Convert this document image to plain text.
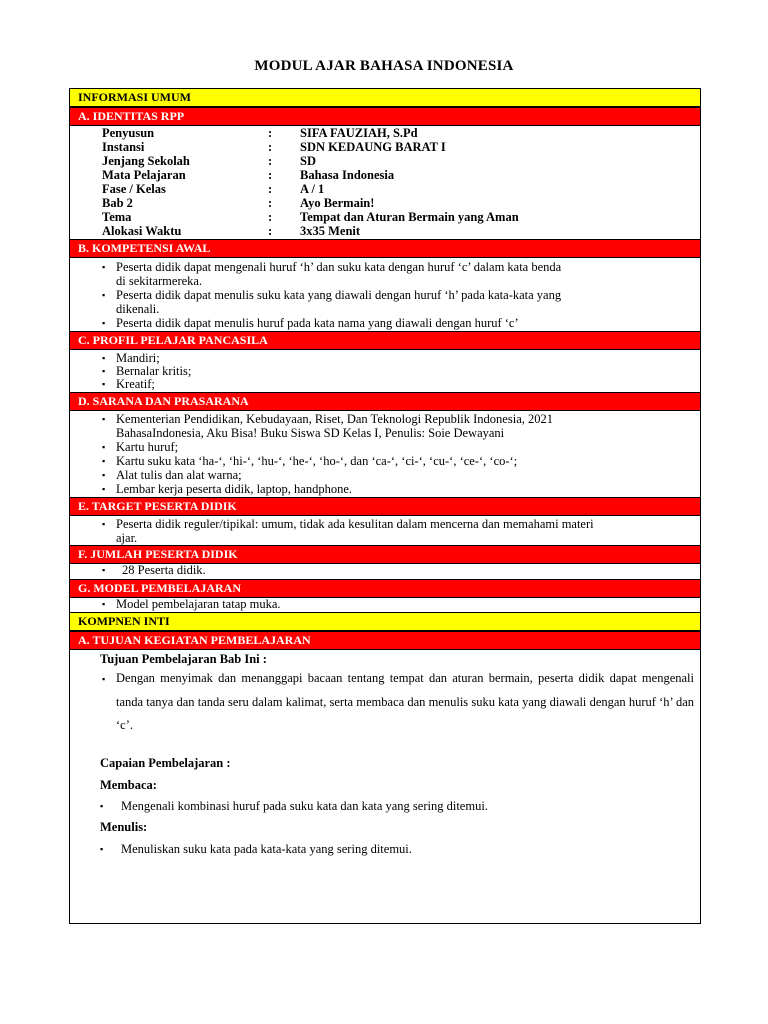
MODUL AJAR BAHASA INDONESIA
INFORMASI UMUM
A. IDENTITAS RPP
Penyusun	: SIFA FAUZIAH, S.Pd
Instansi	: SDN KEDAUNG BARAT I
Jenjang Sekolah	: SD
Mata Pelajaran	: Bahasa Indonesia
Fase / Kelas	: A / 1
Bab 2	: Ayo Bermain!
Tema	: Tempat dan Aturan Bermain yang Aman
Alokasi Waktu	: 3x35 Menit
B. KOMPETENSI AWAL
▪ Peserta didik dapat mengenali huruf ‘h’ dan suku kata dengan huruf ‘c’ dalam kata benda
di sekitarmereka.
▪ Peserta didik dapat menulis suku kata yang diawali dengan huruf ‘h’ pada kata-kata yang
dikenali.
▪ Peserta didik dapat menulis huruf pada kata nama yang diawali dengan huruf ‘c’
C. PROFIL PELAJAR PANCASILA
▪ Mandiri;
▪ Bernalar kritis;
▪ Kreatif;
D. SARANA DAN PRASARANA
▪ Kementerian Pendidikan, Kebudayaan, Riset, Dan Teknologi Republik Indonesia, 2021
BahasaIndonesia, Aku Bisa! Buku Siswa SD Kelas I, Penulis: Soie Dewayani
▪ Kartu huruf;
▪ Kartu suku kata ‘ha-‘, ‘hi-‘, ‘hu-‘, ‘he-‘, ‘ho-‘, dan ‘ca-‘, ‘ci-‘, ‘cu-‘, ‘ce-‘, ‘co-‘;
▪ Alat tulis dan alat warna;
▪ Lembar kerja peserta didik, laptop, handphone.
E. TARGET PESERTA DIDIK
▪ Peserta didik reguler/tipikal: umum, tidak ada kesulitan dalam mencerna dan memahami materi
ajar.
F. JUMLAH PESERTA DIDIK
▪ 28 Peserta didik.
G. MODEL PEMBELAJARAN
▪ Model pembelajaran tatap muka.
KOMPNEN INTI
A. TUJUAN KEGIATAN PEMBELAJARAN
Tujuan Pembelajaran Bab Ini :
▪ Dengan menyimak dan menanggapi bacaan tentang tempat dan aturan bermain, peserta didik dapat mengenali tanda tanya dan tanda seru dalam kalimat, serta membaca dan menulis suku kata yang diawali dengan huruf ‘h’ dan ‘c’.
Capaian Pembelajaran :
Membaca:
▪ Mengenali kombinasi huruf pada suku kata dan kata yang sering ditemui.
Menulis:
▪ Menuliskan suku kata pada kata-kata yang sering ditemui.
